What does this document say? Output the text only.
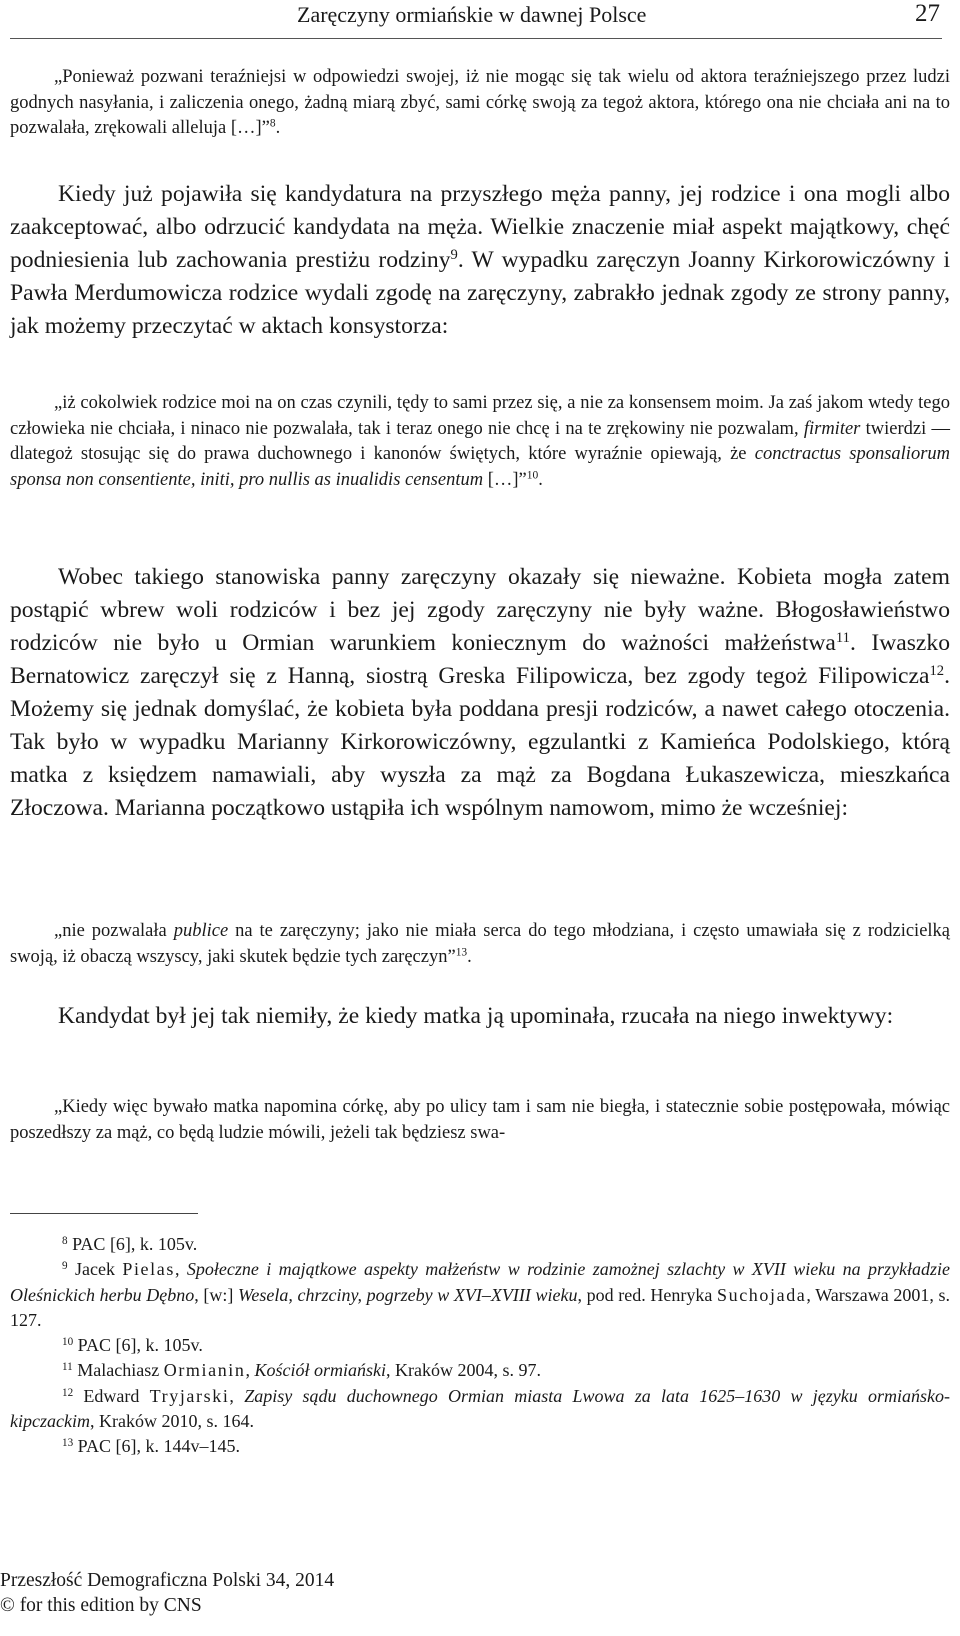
Zaręczyny ormiańskie w dawnej Polsce	27

„Ponieważ pozwani teraźniejsi w odpowiedzi swojej, iż nie mogąc się tak wielu od aktora teraźniejszego przez ludzi godnych nasyłania, i zaliczenia onego, żadną miarą zbyć, sami córkę swoją za tegoż aktora, którego ona nie chciała ani na to pozwalała, zrękowali alleluja […]”$^8$.

Kiedy już pojawiła się kandydatura na przyszłego męża panny, jej rodzice i ona mogli albo zaakceptować, albo odrzucić kandydata na męża. Wielkie znaczenie miał aspekt majątkowy, chęć podniesienia lub zachowania prestiżu rodziny$^9$. W wypadku zaręczyn Joanny Kirkorowiczówny i Pawła Merdumowicza rodzice wydali zgodę na zaręczyny, zabrakło jednak zgody ze strony panny, jak możemy przeczytać w aktach konsystorza:

„iż cokolwiek rodzice moi na on czas czynili, tędy to sami przez się, a nie za konsensem moim. Ja zaś jakom wtedy tego człowieka nie chciała, i ninaco nie pozwalała, tak i teraz onego nie chcę i na te zrękowiny nie pozwalam, firmiter twierdzi — dlategoż stosując się do prawa duchownego i kanonów świętych, które wyraźnie opiewają, że conctractus sponsaliorum sponsa non consentiente, initi, pro nullis as inualidis censentum […]”$^{10}$.

Wobec takiego stanowiska panny zaręczyny okazały się nieważne. Kobieta mogła zatem postąpić wbrew woli rodziców i bez jej zgody zaręczyny nie były ważne. Błogosławieństwo rodziców nie było u Ormian warunkiem koniecznym do ważności małżeństwa$^{11}$. Iwaszko Bernatowicz zaręczył się z Hanną, siostrą Greska Filipowicza, bez zgody tegoż Filipowicza$^{12}$. Możemy się jednak domyślać, że kobieta była poddana presji rodziców, a nawet całego otoczenia. Tak było w wypadku Marianny Kirkorowiczówny, egzulantki z Kamieńca Podolskiego, którą matka z księdzem namawiali, aby wyszła za mąż za Bogdana Łukaszewicza, mieszkańca Złoczowa. Marianna początkowo ustąpiła ich wspólnym namowom, mimo że wcześniej:

„nie pozwalała publice na te zaręczyny; jako nie miała serca do tego młodziana, i często umawiała się z rodzicielką swoją, iż obaczą wszyscy, jaki skutek będzie tych zaręczyn”$^{13}$.

Kandydat był jej tak niemiły, że kiedy matka ją upominała, rzucała na niego inwektywy:

„Kiedy więc bywało matka napomina córkę, aby po ulicy tam i sam nie biegła, i statecznie sobie postępowała, mówiąc poszedłszy za mąż, co będą ludzie mówili, jeżeli tak będziesz swa-

$^8$ PAC [6], k. 105v.

$^9$ Jacek Pielas, Społeczne i majątkowe aspekty małżeństw w rodzinie zamożnej szlachty w XVII wieku na przykładzie Oleśnickich herbu Dębno, [w:] Wesela, chrzciny, pogrzeby w XVI–XVIII wieku, pod red. Henryka Suchojada, Warszawa 2001, s. 127.

$^{10}$ PAC [6], k. 105v.

$^{11}$ Malachiasz Ormianin, Kościół ormiański, Kraków 2004, s. 97.

$^{12}$ Edward Tryjarski, Zapisy sądu duchownego Ormian miasta Lwowa za lata 1625–1630 w języku ormiańsko-kipczackim, Kraków 2010, s. 164.

$^{13}$ PAC [6], k. 144v–145.

Przeszłość Demograficzna Polski 34, 2014
© for this edition by CNS
